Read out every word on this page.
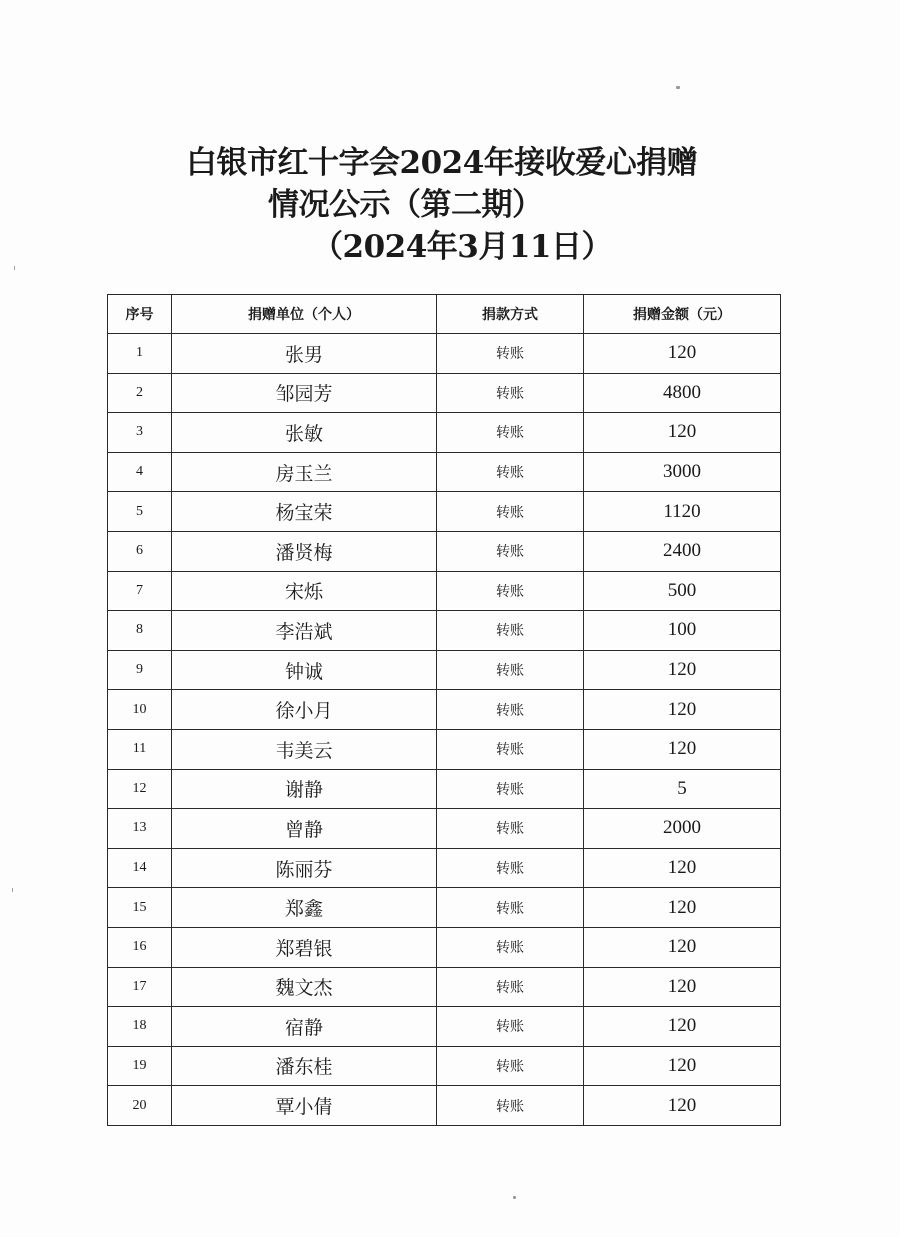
白银市红十字会2024年接收爱心捐赠
情况公示（第二期）
（2024年3月11日）
序号	捐赠单位（个人）	捐款方式	捐赠金额（元）
1	张男	转账	120
2	邹园芳	转账	4800
3	张敏	转账	120
4	房玉兰	转账	3000
5	杨宝荣	转账	1120
6	潘贤梅	转账	2400
7	宋烁	转账	500
8	李浩斌	转账	100
9	钟诚	转账	120
10	徐小月	转账	120
11	韦美云	转账	120
12	谢静	转账	5
13	曾静	转账	2000
14	陈丽芬	转账	120
15	郑鑫	转账	120
16	郑碧银	转账	120
17	魏文杰	转账	120
18	宿静	转账	120
19	潘东桂	转账	120
20	覃小倩	转账	120
